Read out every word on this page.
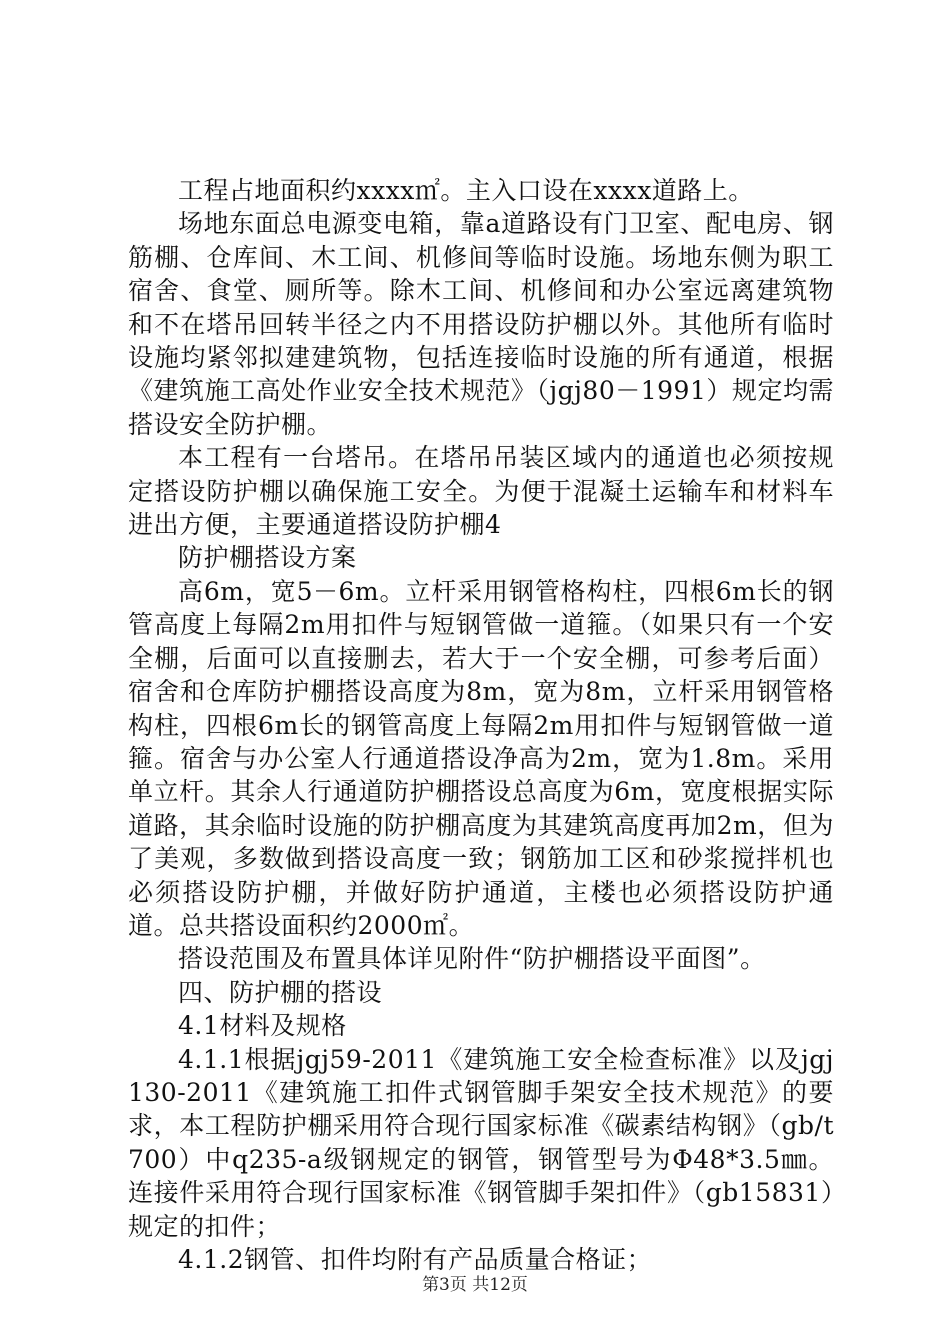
工程占地面积约xxxx㎡。主入口设在xxxx道路上。

场地东面总电源变电箱，靠a道路设有门卫室、配电房、钢筋棚、仓库间、木工间、机修间等临时设施。场地东侧为职工宿舍、食堂、厕所等。除木工间、机修间和办公室远离建筑物和不在塔吊回转半径之内不用搭设防护棚以外。其他所有临时设施均紧邻拟建建筑物，包括连接临时设施的所有通道，根据《建筑施工高处作业安全技术规范》（jgj80－1991）规定均需搭设安全防护棚。

本工程有一台塔吊。在塔吊吊装区域内的通道也必须按规定搭设防护棚以确保施工安全。为便于混凝土运输车和材料车进出方便，主要通道搭设防护棚4

防护棚搭设方案

高6m，宽5－6m。立杆采用钢管格构柱，四根6m长的钢管高度上每隔2m用扣件与短钢管做一道箍。（如果只有一个安全棚，后面可以直接删去，若大于一个安全棚，可参考后面）宿舍和仓库防护棚搭设高度为8m，宽为8m，立杆采用钢管格构柱，四根6m长的钢管高度上每隔2m用扣件与短钢管做一道箍。宿舍与办公室人行通道搭设净高为2m，宽为1.8m。采用单立杆。其余人行通道防护棚搭设总高度为6m，宽度根据实际道路，其余临时设施的防护棚高度为其建筑高度再加2m，但为了美观，多数做到搭设高度一致；钢筋加工区和砂浆搅拌机也必须搭设防护棚，并做好防护通道，主楼也必须搭设防护通道。总共搭设面积约2000㎡。

搭设范围及布置具体详见附件“防护棚搭设平面图”。

四、防护棚的搭设

4.1材料及规格

4.1.1根据jgj59-2011《建筑施工安全检查标准》以及jgj130-2011《建筑施工扣件式钢管脚手架安全技术规范》的要求，本工程防护棚采用符合现行国家标准《碳素结构钢》（gb/t700）中q235-a级钢规定的钢管，钢管型号为Φ48*3.5㎜。连接件采用符合现行国家标准《钢管脚手架扣件》（gb15831）规定的扣件；

4.1.2钢管、扣件均附有产品质量合格证；

第3页 共12页
